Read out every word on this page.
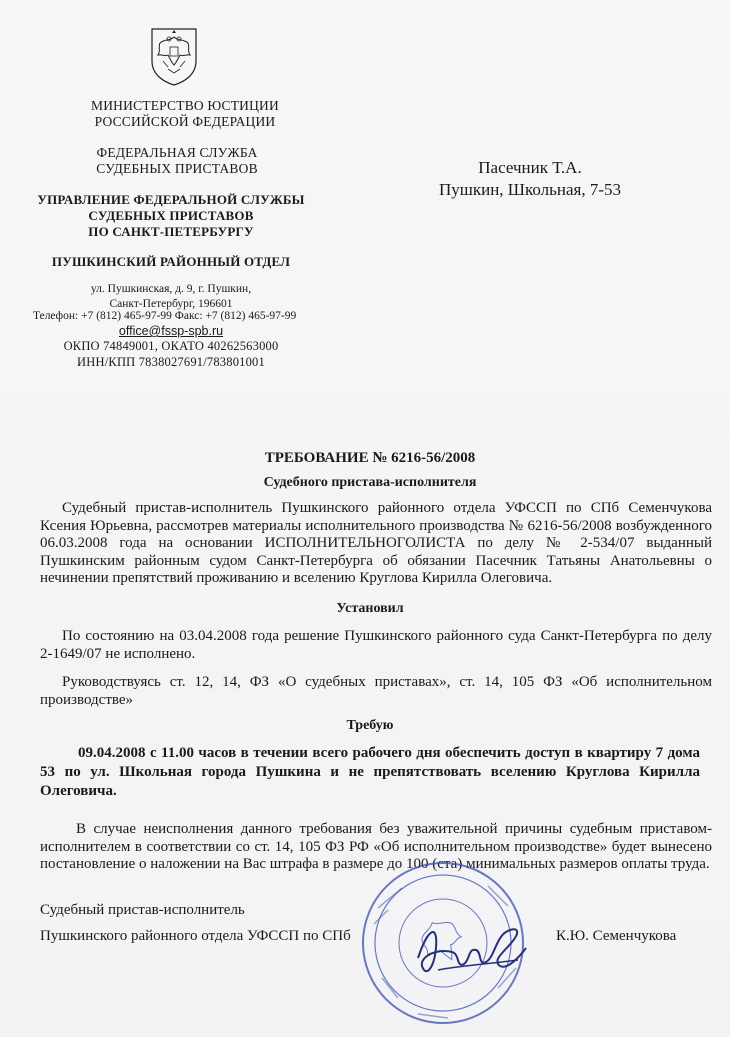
МИНИСТЕРСТВО ЮСТИЦИИ
РОССИЙСКОЙ ФЕДЕРАЦИИ
ФЕДЕРАЛЬНАЯ СЛУЖБА
СУДЕБНЫХ ПРИСТАВОВ
УПРАВЛЕНИЕ ФЕДЕРАЛЬНОЙ СЛУЖБЫ
СУДЕБНЫХ ПРИСТАВОВ
ПО САНКТ-ПЕТЕРБУРГУ
ПУШКИНСКИЙ РАЙОННЫЙ ОТДЕЛ
ул. Пушкинская, д. 9, г. Пушкин,
Санкт-Петербург, 196601
Телефон: +7 (812) 465-97-99 Факс: +7 (812) 465-97-99
office@fssp-spb.ru
ОКПО 74849001, ОКАТО 40262563000
ИНН/КПП 7838027691/783801001
Пасечник Т.А.
Пушкин, Школьная, 7-53
ТРЕБОВАНИЕ № 6216-56/2008
Судебного пристава-исполнителя
Судебный пристав-исполнитель Пушкинского районного отдела УФССП по СПб Семенчукова Ксения Юрьевна, рассмотрев материалы исполнительного производства № 6216-56/2008 возбужденного 06.03.2008 года на основании ИСПОЛНИТЕЛЬНОГОЛИСТА по делу № 2-534/07 выданный Пушкинским районным судом Санкт-Петербурга об обязании Пасечник Татьяны Анатольевны о нечинении препятствий проживанию и вселению Круглова Кирилла Олеговича.
Установил
По состоянию на 03.04.2008 года решение Пушкинского районного суда Санкт-Петербурга по делу 2-1649/07 не исполнено.
Руководствуясь ст. 12, 14, ФЗ «О судебных приставах», ст. 14, 105 ФЗ «Об исполнительном производстве»
Требую
09.04.2008 с 11.00 часов в течении всего рабочего дня обеспечить доступ в квартиру 7 дома 53 по ул. Школьная города Пушкина и не препятствовать вселению Круглова Кирилла Олеговича.
В случае неисполнения данного требования без уважительной причины судебным приставом-исполнителем в соответствии со ст. 14, 105 ФЗ РФ «Об исполнительном производстве» будет вынесено постановление о наложении на Вас штрафа в размере до 100 (ста) минимальных размеров оплаты труда.
Судебный пристав-исполнитель
Пушкинского районного отдела УФССП по СПб	К.Ю. Семенчукова
